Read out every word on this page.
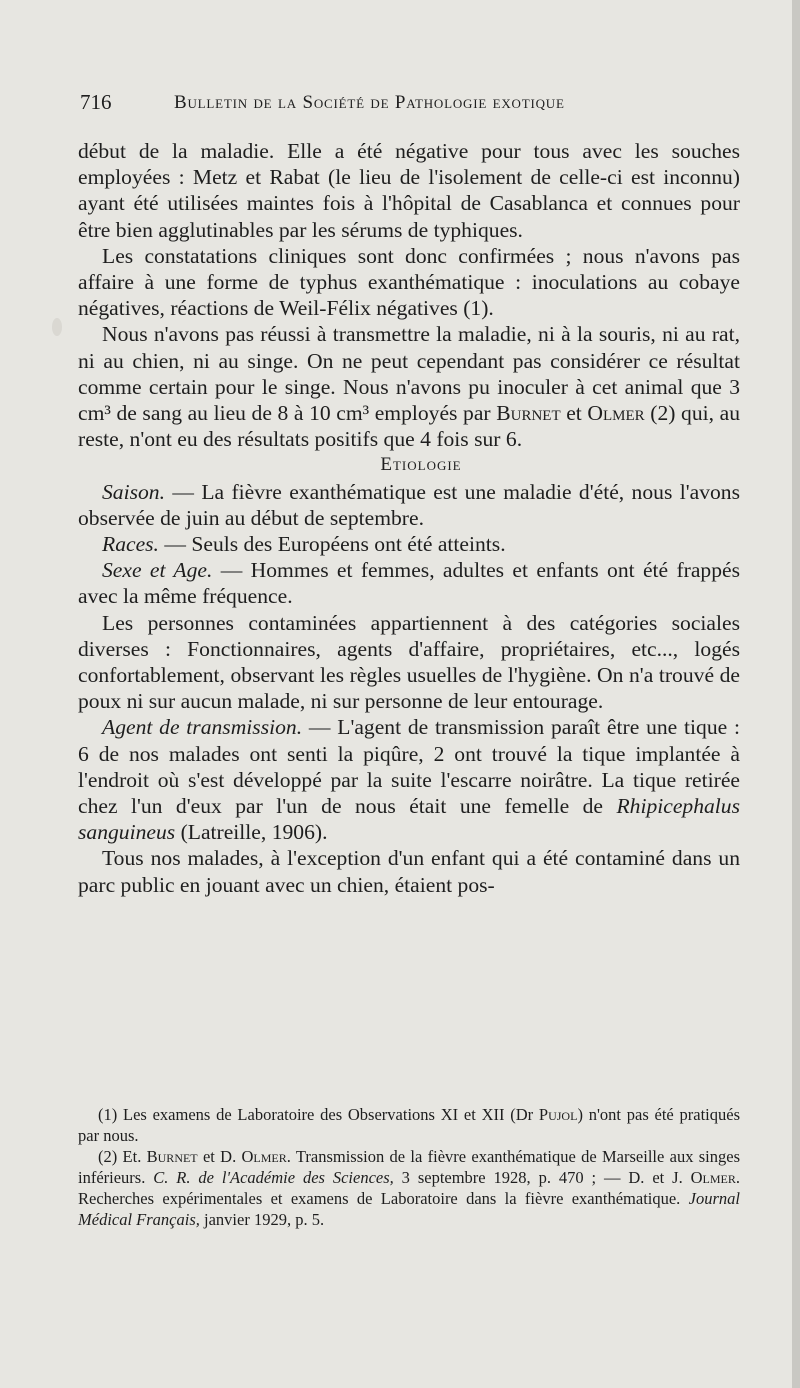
716	Bulletin de la Société de Pathologie exotique

début de la maladie. Elle a été négative pour tous avec les souches employées : Metz et Rabat (le lieu de l'isolement de celle-ci est inconnu) ayant été utilisées maintes fois à l'hôpital de Casablanca et connues pour être bien agglutinables par les sérums de typhiques.

Les constatations cliniques sont donc confirmées ; nous n'avons pas affaire à une forme de typhus exanthématique : inoculations au cobaye négatives, réactions de Weil-Félix négatives (1).

Nous n'avons pas réussi à transmettre la maladie, ni à la souris, ni au rat, ni au chien, ni au singe. On ne peut cependant pas considérer ce résultat comme certain pour le singe. Nous n'avons pu inoculer à cet animal que 3 cm³ de sang au lieu de 8 à 10 cm³ employés par Burnet et Olmer (2) qui, au reste, n'ont eu des résultats positifs que 4 fois sur 6.

Etiologie

Saison. — La fièvre exanthématique est une maladie d'été, nous l'avons observée de juin au début de septembre.

Races. — Seuls des Européens ont été atteints.

Sexe et Age. — Hommes et femmes, adultes et enfants ont été frappés avec la même fréquence.

Les personnes contaminées appartiennent à des catégories sociales diverses : Fonctionnaires, agents d'affaire, propriétaires, etc..., logés confortablement, observant les règles usuelles de l'hygiène. On n'a trouvé de poux ni sur aucun malade, ni sur personne de leur entourage.

Agent de transmission. — L'agent de transmission paraît être une tique : 6 de nos malades ont senti la piqûre, 2 ont trouvé la tique implantée à l'endroit où s'est développé par la suite l'escarre noirâtre. La tique retirée chez l'un d'eux par l'un de nous était une femelle de Rhipicephalus sanguineus (Latreille, 1906).

Tous nos malades, à l'exception d'un enfant qui a été contaminé dans un parc public en jouant avec un chien, étaient pos-

(1) Les examens de Laboratoire des Observations XI et XII (Dr Pujol) n'ont pas été pratiqués par nous.

(2) Et. Burnet et D. Olmer. Transmission de la fièvre exanthématique de Marseille aux singes inférieurs. C. R. de l'Académie des Sciences, 3 septembre 1928, p. 470 ; — D. et J. Olmer. Recherches expérimentales et examens de Laboratoire dans la fièvre exanthématique. Journal Médical Français, janvier 1929, p. 5.
